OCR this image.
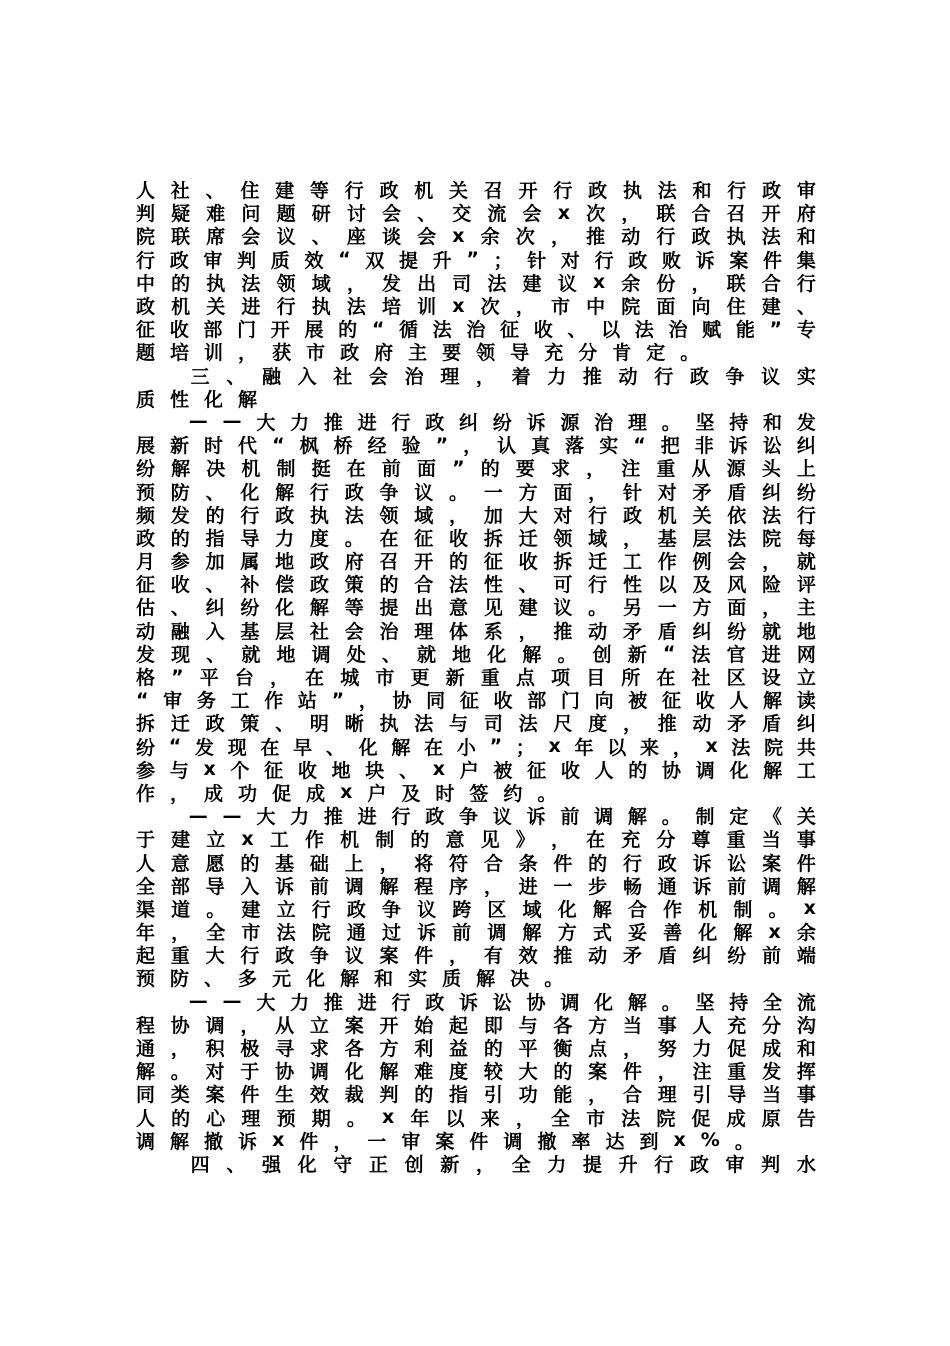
人 社 、 住 建 等 行 政 机 关 召 开 行 政 执 法 和 行 政 审
判 疑 难 问 题 研 讨 会 、 交 流 会 x 次 ， 联 合 召 开 府
院 联 席 会 议 、 座 谈 会 x 余 次 ， 推 动 行 政 执 法 和
行 政 审 判 质 效 “ 双 提 升 ” ； 针 对 行 政 败 诉 案 件 集
中 的 执 法 领 域 ， 发 出 司 法 建 议 x 余 份 ， 联 合 行
政 机 关 进 行 执 法 培 训 x 次 ， 市 中 院 面 向 住 建 、
征 收 部 门 开 展 的 “ 循 法 治 征 收 、 以 法 治 赋 能 ” 专
题 培 训 ， 获 市 政 府 主 要 领 导 充 分 肯 定 。

三 、 融 入 社 会 治 理 ， 着 力 推 动 行 政 争 议 实
质 性 化 解

— — 大 力 推 进 行 政 纠 纷 诉 源 治 理 。 坚 持 和 发
展 新 时 代 “ 枫 桥 经 验 ” ， 认 真 落 实 “ 把 非 诉 讼 纠
纷 解 决 机 制 挺 在 前 面 ” 的 要 求 ， 注 重 从 源 头 上
预 防 、 化 解 行 政 争 议 。 一 方 面 ， 针 对 矛 盾 纠 纷
频 发 的 行 政 执 法 领 域 ， 加 大 对 行 政 机 关 依 法 行
政 的 指 导 力 度 。 在 征 收 拆 迁 领 域 ， 基 层 法 院 每
月 参 加 属 地 政 府 召 开 的 征 收 拆 迁 工 作 例 会 ， 就
征 收 、 补 偿 政 策 的 合 法 性 、 可 行 性 以 及 风 险 评
估 、 纠 纷 化 解 等 提 出 意 见 建 议 。 另 一 方 面 ， 主
动 融 入 基 层 社 会 治 理 体 系 ， 推 动 矛 盾 纠 纷 就 地
发 现 、 就 地 调 处 、 就 地 化 解 。 创 新 “ 法 官 进 网
格 ” 平 台 ， 在 城 市 更 新 重 点 项 目 所 在 社 区 设 立
“ 审 务 工 作 站 ” ， 协 同 征 收 部 门 向 被 征 收 人 解 读
拆 迁 政 策 、 明 晰 执 法 与 司 法 尺 度 ， 推 动 矛 盾 纠
纷 “ 发 现 在 早 、 化 解 在 小 ” ； x 年 以 来 ， x 法 院 共
参 与 x 个 征 收 地 块 、 x 户 被 征 收 人 的 协 调 化 解 工
作 ， 成 功 促 成 x 户 及 时 签 约 。

— — 大 力 推 进 行 政 争 议 诉 前 调 解 。 制 定 《 关
于 建 立 x 工 作 机 制 的 意 见 》 ， 在 充 分 尊 重 当 事
人 意 愿 的 基 础 上 ， 将 符 合 条 件 的 行 政 诉 讼 案 件
全 部 导 入 诉 前 调 解 程 序 ， 进 一 步 畅 通 诉 前 调 解
渠 道 。 建 立 行 政 争 议 跨 区 域 化 解 合 作 机 制 。 x
年 ， 全 市 法 院 通 过 诉 前 调 解 方 式 妥 善 化 解 x 余
起 重 大 行 政 争 议 案 件 ， 有 效 推 动 矛 盾 纠 纷 前 端
预 防 、 多 元 化 解 和 实 质 解 决 。

— — 大 力 推 进 行 政 诉 讼 协 调 化 解 。 坚 持 全 流
程 协 调 ， 从 立 案 开 始 起 即 与 各 方 当 事 人 充 分 沟
通 ， 积 极 寻 求 各 方 利 益 的 平 衡 点 ， 努 力 促 成 和
解 。 对 于 协 调 化 解 难 度 较 大 的 案 件 ， 注 重 发 挥
同 类 案 件 生 效 裁 判 的 指 引 功 能 ， 合 理 引 导 当 事
人 的 心 理 预 期 。 x 年 以 来 ， 全 市 法 院 促 成 原 告
调 解 撤 诉 x 件 ， 一 审 案 件 调 撤 率 达 到 x % 。

四 、 强 化 守 正 创 新 ， 全 力 提 升 行 政 审 判 水
